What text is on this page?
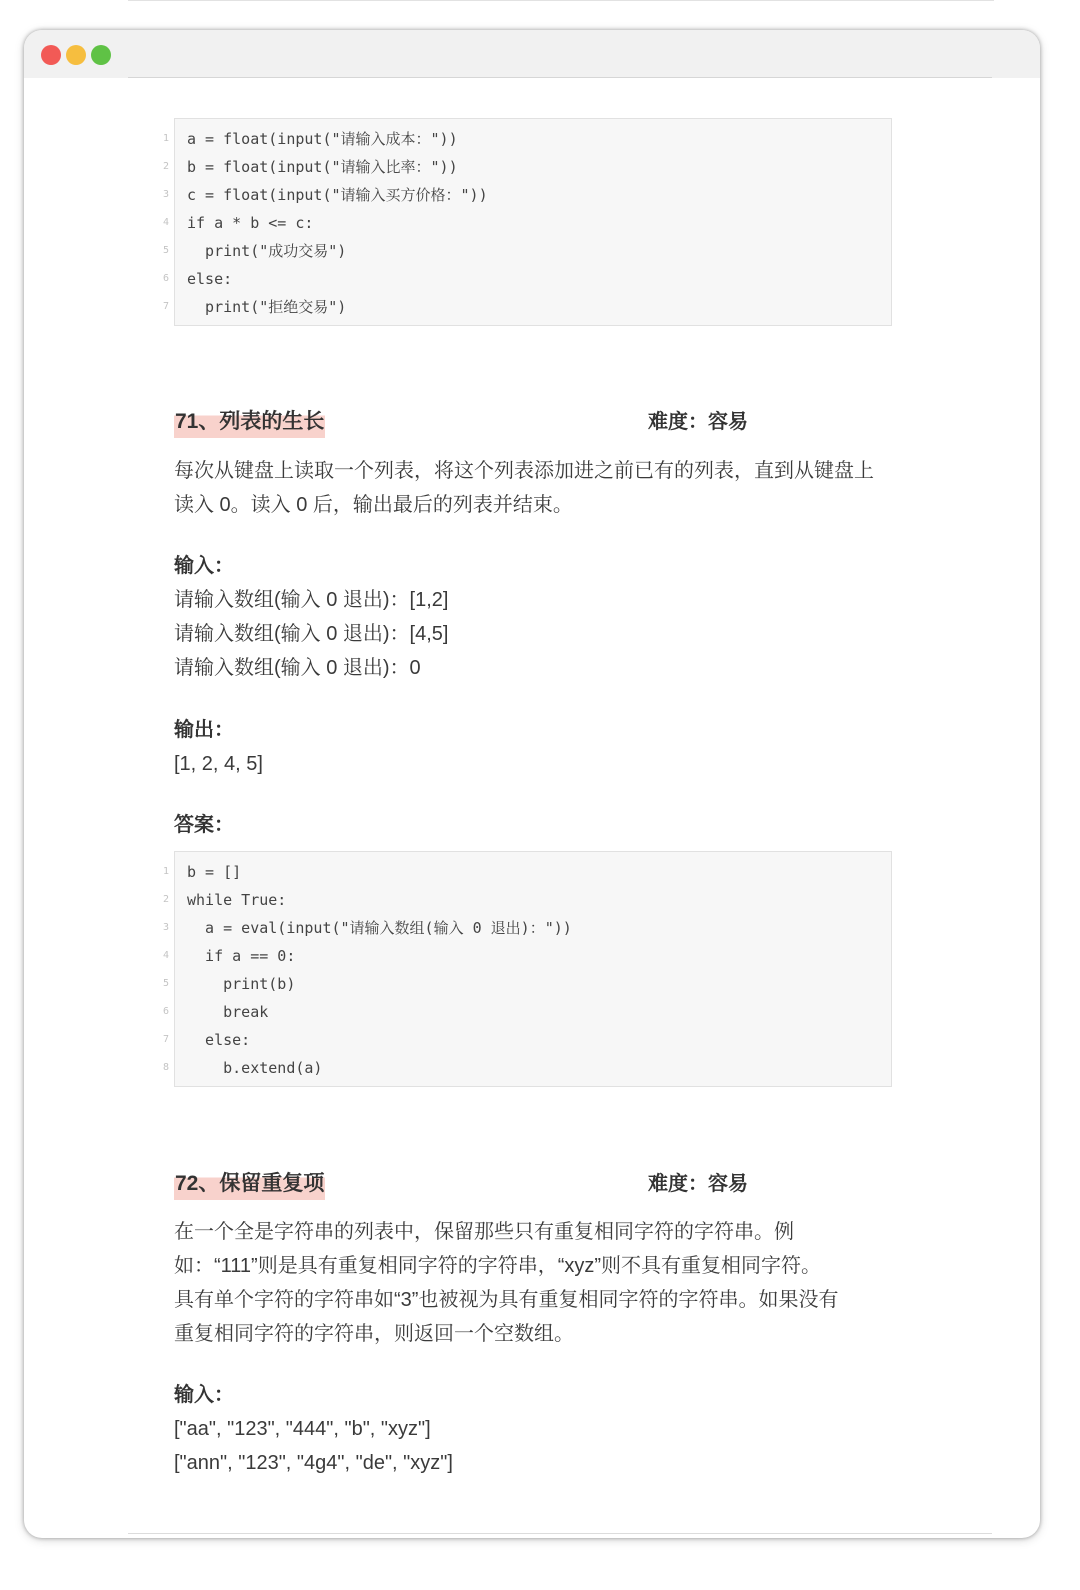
1 a = float(input("请输入成本："))
2 b = float(input("请输入比率："))
3 c = float(input("请输入买方价格："))
4 if a * b <= c:
5 print("成功交易")
6 else:
7 print("拒绝交易")
71、列表的生长	难度：容易

每次从键盘上读取一个列表，将这个列表添加进之前已有的列表，直到从键盘上

读入 0。读入 0 后，输出最后的列表并结束。

输入：

请输入数组(输入 0 退出)：[1,2]

请输入数组(输入 0 退出)：[4,5]

请输入数组(输入 0 退出)：0

输出：

[1, 2, 4, 5]

答案：
1 b = []
2 while True:
3 a = eval(input("请输入数组(输入 0 退出)："))
4 if a == 0:
5 print(b)
6 break
7 else:
8 b.extend(a)
72、保留重复项	难度：容易

在一个全是字符串的列表中，保留那些只有重复相同字符的字符串。例

如：“111”则是具有重复相同字符的字符串，“xyz”则不具有重复相同字符。

具有单个字符的字符串如“3”也被视为具有重复相同字符的字符串。如果没有

重复相同字符的字符串，则返回一个空数组。

输入：

["aa", "123", "444", "b", "xyz"]

["ann", "123", "4g4", "de", "xyz"]
